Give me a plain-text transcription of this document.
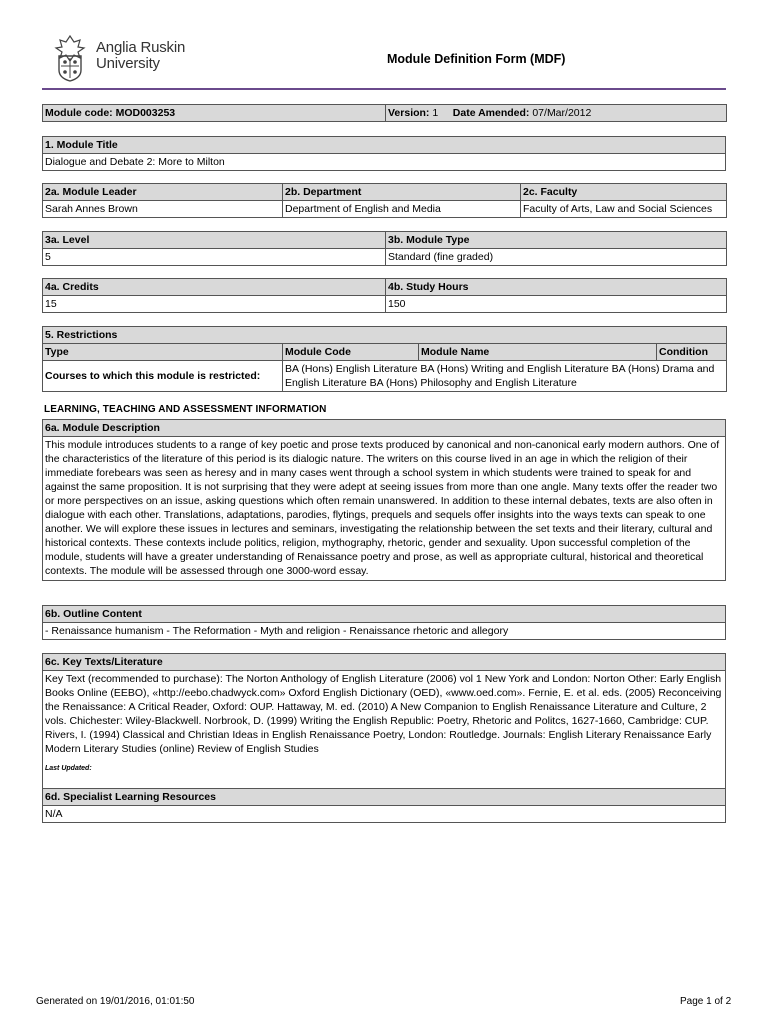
Anglia Ruskin
University	Module Definition Form (MDF)
Module code: MOD003253	Version: 1 Date Amended: 07/Mar/2012
1. Module Title
Dialogue and Debate 2: More to Milton
2a. Module Leader	2b. Department	2c. Faculty
Sarah Annes Brown	Department of English and Media	Faculty of Arts, Law and Social Sciences
3a. Level	3b. Module Type
5	Standard (fine graded)
4a. Credits	4b. Study Hours
15	150
5. Restrictions			
Type	Module Code	Module Name	Condition
Courses to which this module is restricted:	BA (Hons) English Literature BA (Hons) Writing and English Literature BA (Hons) Drama and English Literature BA (Hons) Philosophy and English Literature		
LEARNING, TEACHING AND ASSESSMENT INFORMATION
6a. Module Description
This module introduces students to a range of key poetic and prose texts produced by canonical and non-canonical early modern authors. One of the characteristics of the literature of this period is its dialogic nature. The writers on this course lived in an age in which the religion of their immediate forebears was seen as heresy and in many cases went through a school system in which students were trained to speak for and against the same proposition. It is not surprising that they were adept at seeing issues from more than one angle. Many texts offer the reader two or more perspectives on an issue, asking questions which often remain unanswered. In addition to these internal debates, texts are also often in dialogue with each other. Translations, adaptations, parodies, flytings, prequels and sequels offer insights into the ways texts can speak to one another. We will explore these issues in lectures and seminars, investigating the relationship between the set texts and their literary, cultural and historical contexts. These contexts include politics, religion, mythography, rhetoric, gender and sexuality. Upon successful completion of the module, students will have a greater understanding of Renaissance poetry and prose, as well as appropriate cultural, historical and theoretical contexts. The module will be assessed through one 3000-word essay.
6b. Outline Content
- Renaissance humanism - The Reformation - Myth and religion - Renaissance rhetoric and allegory
6c. Key Texts/Literature

Key Text (recommended to purchase): The Norton Anthology of English Literature (2006) vol 1 New York and London: Norton Other: Early English Books Online (EEBO), «http://eebo.chadwyck.com» Oxford English Dictionary (OED), «www.oed.com». Fernie, E. et al. eds. (2005) Reconceiving the Renaissance: A Critical Reader, Oxford: OUP. Hattaway, M. ed. (2010) A New Companion to English Renaissance Literature and Culture, 2 vols. Chichester: Wiley-Blackwell. Norbrook, D. (1999) Writing the English Republic: Poetry, Rhetoric and Politcs, 1627-1660, Cambridge: CUP. Rivers, I. (1994) Classical and Christian Ideas in English Renaissance Poetry, London: Routledge. Journals: English Literary Renaissance Early Modern Literary Studies (online) Review of English Studies
Last Updated:
6d. Specialist Learning Resources
N/A
Generated on 19/01/2016, 01:01:50	Page 1 of 2
